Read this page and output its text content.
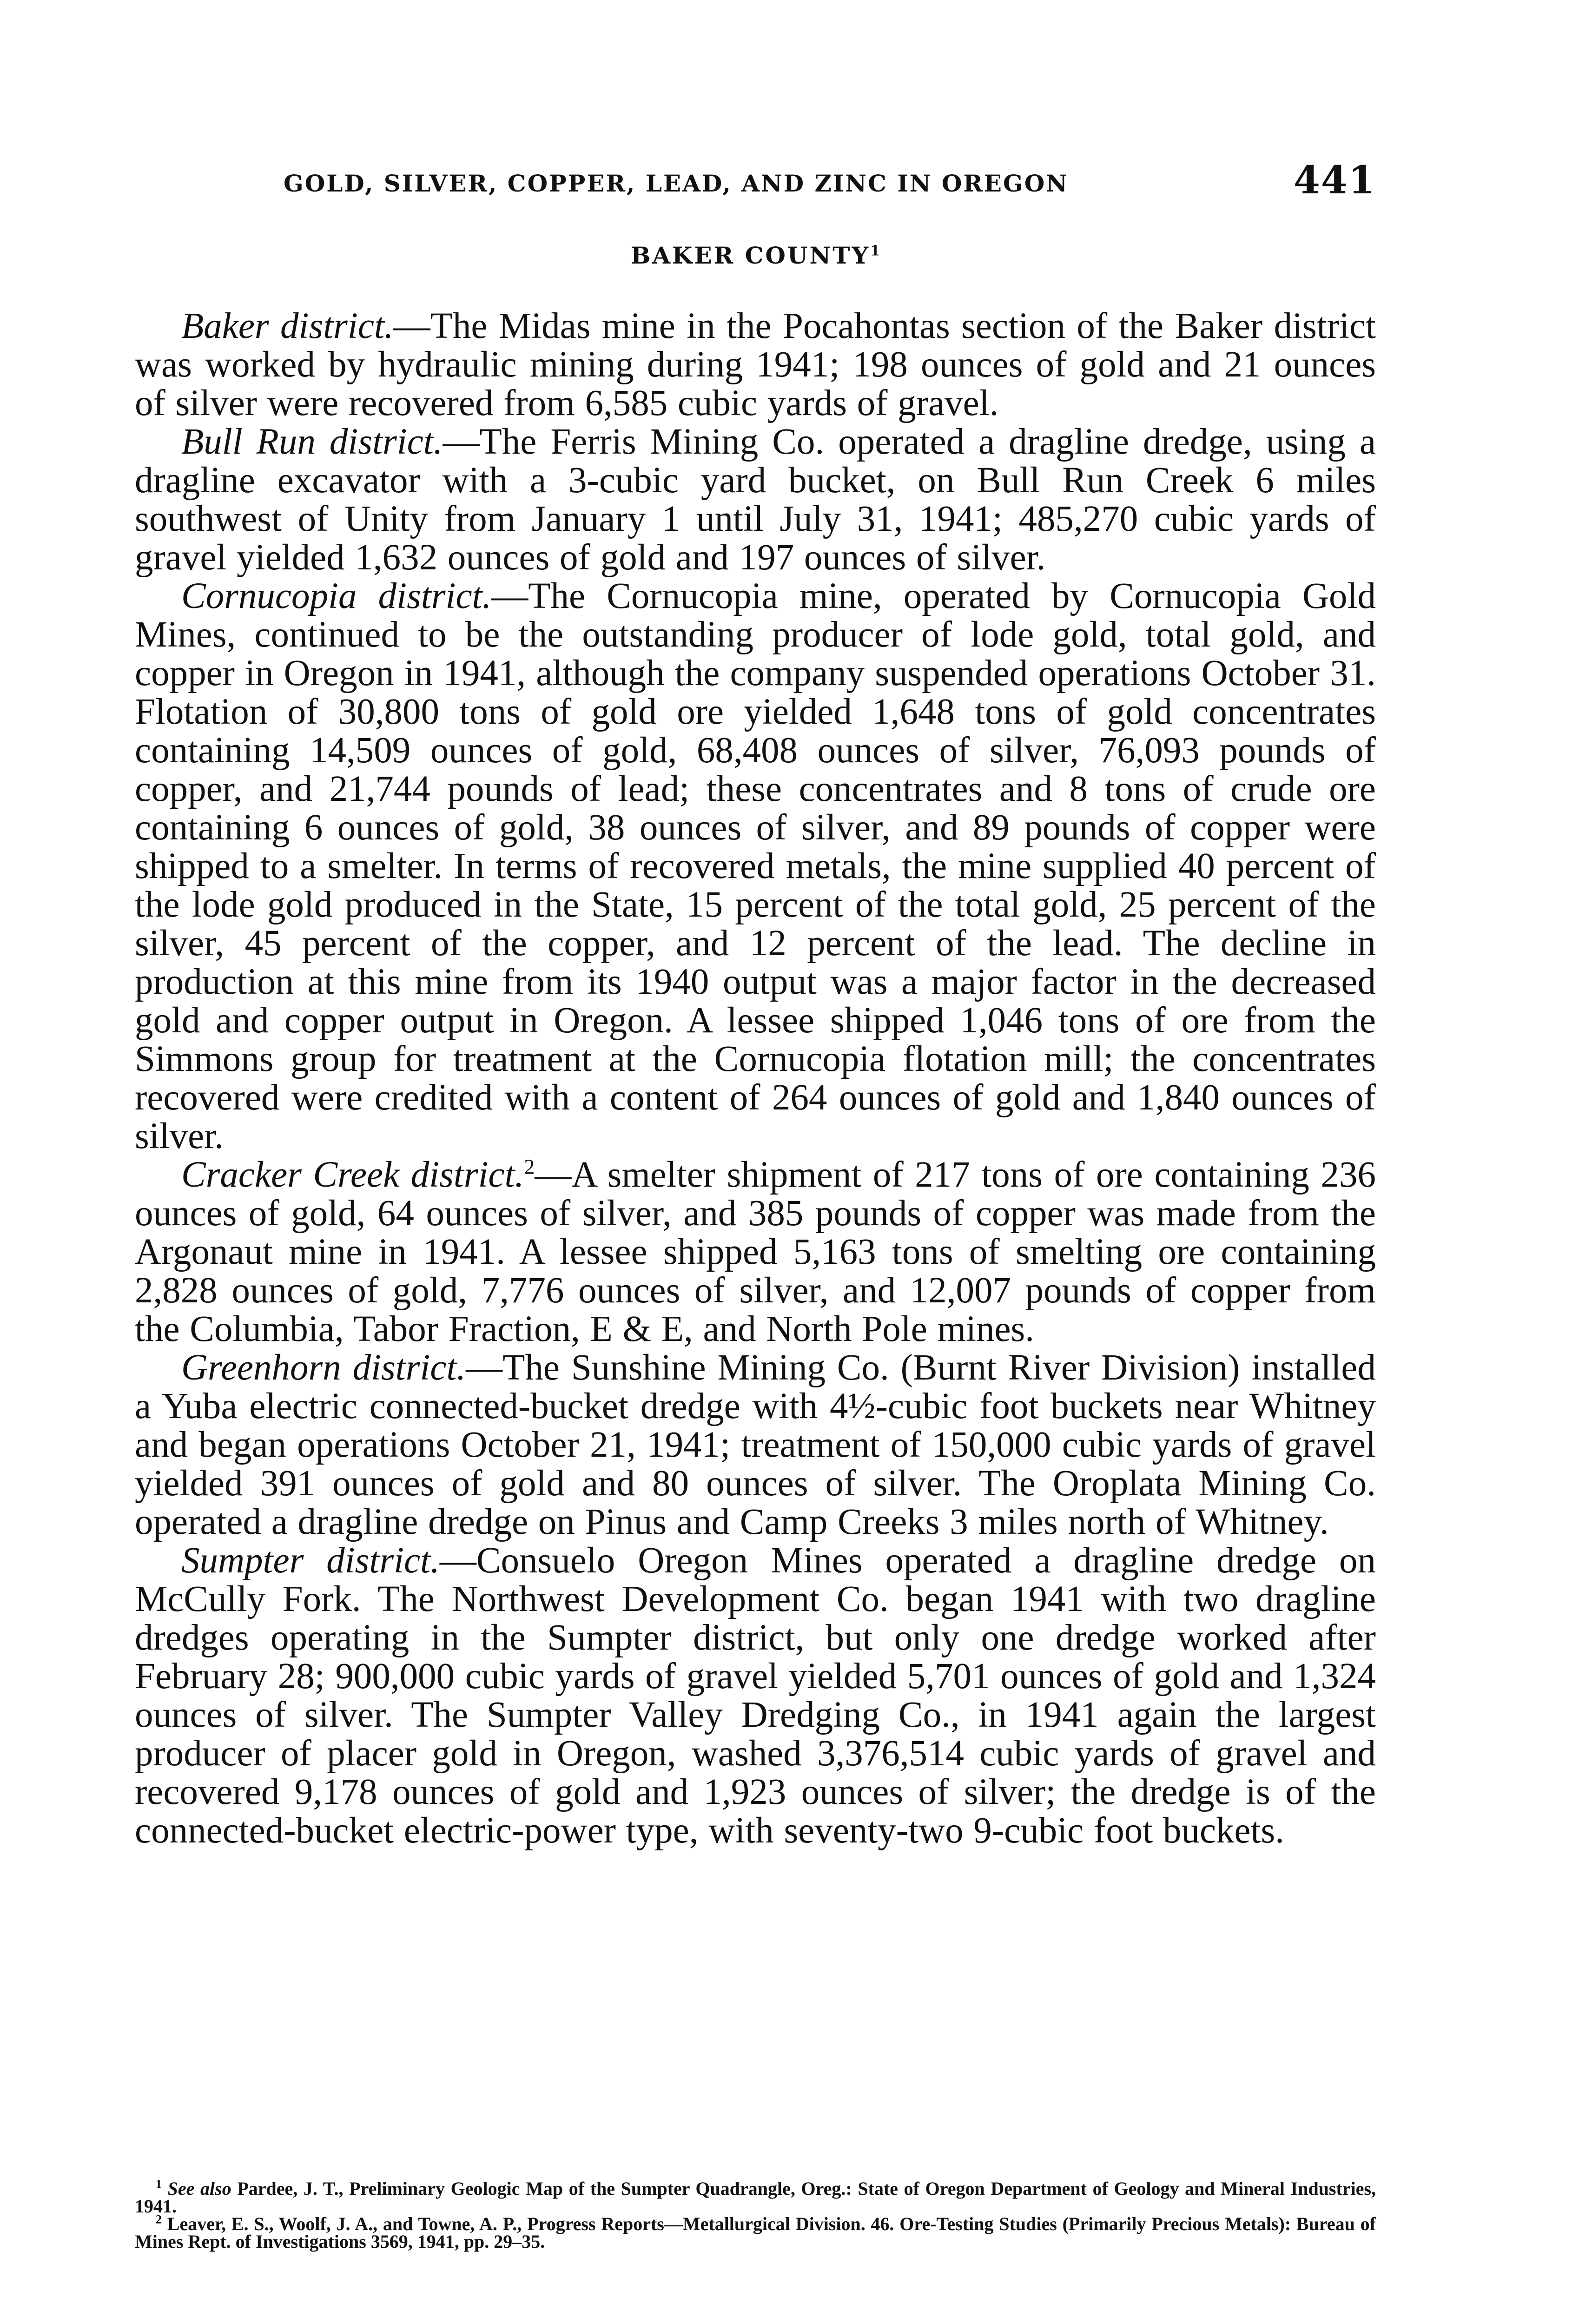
GOLD, SILVER, COPPER, LEAD, AND ZINC IN OREGON	441
BAKER COUNTY$^1$

Baker district.—The Midas mine in the Pocahontas section of the Baker district was worked by hydraulic mining during 1941; 198 ounces of gold and 21 ounces of silver were recovered from 6,585 cubic yards of gravel.

Bull Run district.—The Ferris Mining Co. operated a dragline dredge, using a dragline excavator with a 3-cubic yard bucket, on Bull Run Creek 6 miles southwest of Unity from January 1 until July 31, 1941; 485,270 cubic yards of gravel yielded 1,632 ounces of gold and 197 ounces of silver.

Cornucopia district.—The Cornucopia mine, operated by Cornucopia Gold Mines, continued to be the outstanding producer of lode gold, total gold, and copper in Oregon in 1941, although the company suspended operations October 31. Flotation of 30,800 tons of gold ore yielded 1,648 tons of gold concentrates containing 14,509 ounces of gold, 68,408 ounces of silver, 76,093 pounds of copper, and 21,744 pounds of lead; these concentrates and 8 tons of crude ore containing 6 ounces of gold, 38 ounces of silver, and 89 pounds of copper were shipped to a smelter. In terms of recovered metals, the mine supplied 40 percent of the lode gold produced in the State, 15 percent of the total gold, 25 percent of the silver, 45 percent of the copper, and 12 percent of the lead. The decline in production at this mine from its 1940 output was a major factor in the decreased gold and copper output in Oregon. A lessee shipped 1,046 tons of ore from the Simmons group for treatment at the Cornucopia flotation mill; the concentrates recovered were credited with a content of 264 ounces of gold and 1,840 ounces of silver.

Cracker Creek district.$^2$—A smelter shipment of 217 tons of ore containing 236 ounces of gold, 64 ounces of silver, and 385 pounds of copper was made from the Argonaut mine in 1941. A lessee shipped 5,163 tons of smelting ore containing 2,828 ounces of gold, 7,776 ounces of silver, and 12,007 pounds of copper from the Columbia, Tabor Fraction, E & E, and North Pole mines.

Greenhorn district.—The Sunshine Mining Co. (Burnt River Division) installed a Yuba electric connected-bucket dredge with 4½-cubic foot buckets near Whitney and began operations October 21, 1941; treatment of 150,000 cubic yards of gravel yielded 391 ounces of gold and 80 ounces of silver. The Oroplata Mining Co. operated a dragline dredge on Pinus and Camp Creeks 3 miles north of Whitney.

Sumpter district.—Consuelo Oregon Mines operated a dragline dredge on McCully Fork. The Northwest Development Co. began 1941 with two dragline dredges operating in the Sumpter district, but only one dredge worked after February 28; 900,000 cubic yards of gravel yielded 5,701 ounces of gold and 1,324 ounces of silver. The Sumpter Valley Dredging Co., in 1941 again the largest producer of placer gold in Oregon, washed 3,376,514 cubic yards of gravel and recovered 9,178 ounces of gold and 1,923 ounces of silver; the dredge is of the connected-bucket electric-power type, with seventy-two 9-cubic foot buckets.

$^1$ See also Pardee, J. T., Preliminary Geologic Map of the Sumpter Quadrangle, Oreg.: State of Oregon Department of Geology and Mineral Industries, 1941.

$^2$ Leaver, E. S., Woolf, J. A., and Towne, A. P., Progress Reports—Metallurgical Division. 46. Ore-Testing Studies (Primarily Precious Metals): Bureau of Mines Rept. of Investigations 3569, 1941, pp. 29–35.
